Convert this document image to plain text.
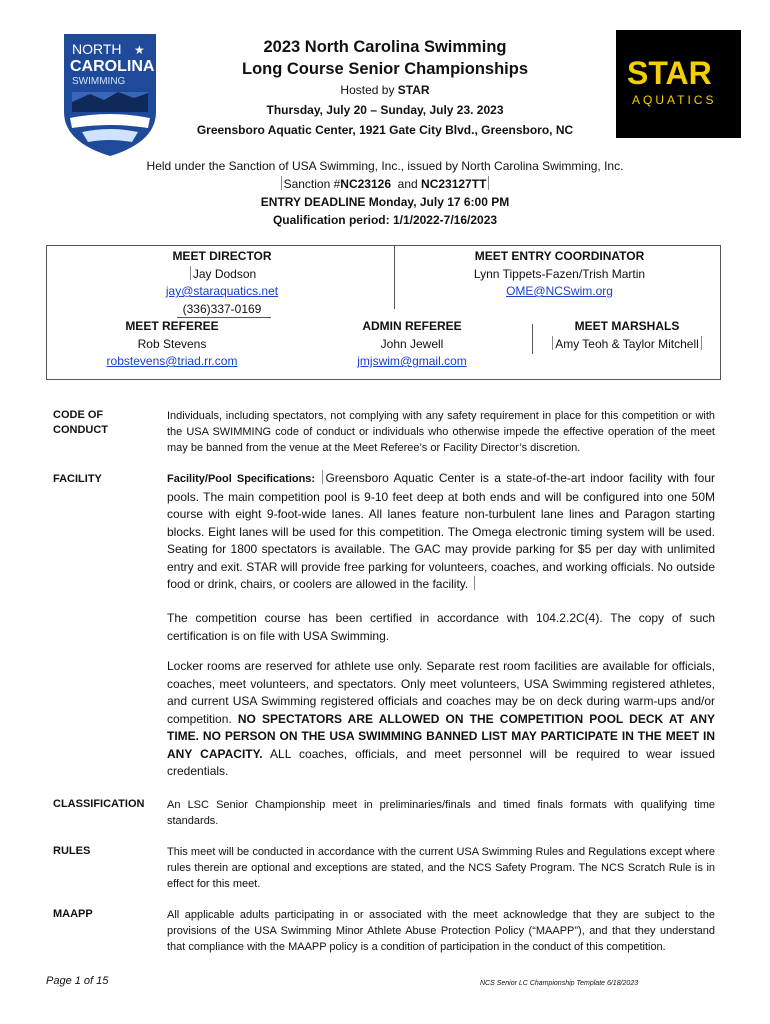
NORTH ★
CAROLINA
SWIMMING	STAR
AQUATICS
2023 North Carolina Swimming
Long Course Senior Championships
Hosted by STAR
Thursday, July 20 – Sunday, July 23. 2023
Greensboro Aquatic Center, 1921 Gate City Blvd., Greensboro, NC
Held under the Sanction of USA Swimming, Inc., issued by North Carolina Swimming, Inc.
Sanction #NC23126  and NC23127TT
ENTRY DEADLINE Monday, July 17 6:00 PM
Qualification period: 1/1/2022-7/16/2023
MEET DIRECTOR
Jay Dodson
jay@staraquatics.net
(336)337-0169
MEET ENTRY COORDINATOR
Lynn Tippets-Fazen/Trish Martin
OME@NCSwim.org
MEET REFEREE
Rob Stevens
robstevens@triad.rr.com
ADMIN REFEREE
John Jewell
jmjswim@gmail.com
MEET MARSHALS
Amy Teoh & Taylor Mitchell
CODE OF
CONDUCT
Individuals, including spectators, not complying with any safety requirement in place for this competition or with the USA SWIMMING code of conduct or individuals who otherwise impede the effective operation of the meet may be banned from the venue at the Meet Referee’s or Facility Director’s discretion.
FACILITY	Facility/Pool Specifications: Greensboro Aquatic Center is a state-of-the-art indoor facility with four pools. The main competition pool is 9-10 feet deep at both ends and will be configured into one 50M course with eight 9-foot-wide lanes. All lanes feature non-turbulent lane lines and Paragon starting blocks. Eight lanes will be used for this competition. The Omega electronic timing system will be used. Seating for 1800 spectators is available. The GAC may provide parking for $5 per day with unlimited entry and exit. STAR will provide free parking for volunteers, coaches, and working officials. No outside food or drink, chairs, or coolers are allowed in the facility.
The competition course has been certified in accordance with 104.2.2C(4). The copy of such certification is on file with USA Swimming.
Locker rooms are reserved for athlete use only. Separate rest room facilities are available for officials, coaches, meet volunteers, and spectators. Only meet volunteers, USA Swimming registered athletes, and current USA Swimming registered officials and coaches may be on deck during warm-ups and/or competition. NO SPECTATORS ARE ALLOWED ON THE COMPETITION POOL DECK AT ANY TIME. NO PERSON ON THE USA SWIMMING BANNED LIST MAY PARTICIPATE IN THE MEET IN ANY CAPACITY. ALL coaches, officials, and meet personnel will be required to wear issued credentials.
CLASSIFICATION	An LSC Senior Championship meet in preliminaries/finals and timed finals formats with qualifying time standards.
RULES	This meet will be conducted in accordance with the current USA Swimming Rules and Regulations except where rules therein are optional and exceptions are stated, and the NCS Safety Program. The NCS Scratch Rule is in effect for this meet.
MAAPP	All applicable adults participating in or associated with the meet acknowledge that they are subject to the provisions of the USA Swimming Minor Athlete Abuse Protection Policy (“MAAPP”), and that they understand that compliance with the MAAPP policy is a condition of participation in the conduct of this competition.
Page 1 of 15	NCS Senior LC Championship Template 6/18/2023
